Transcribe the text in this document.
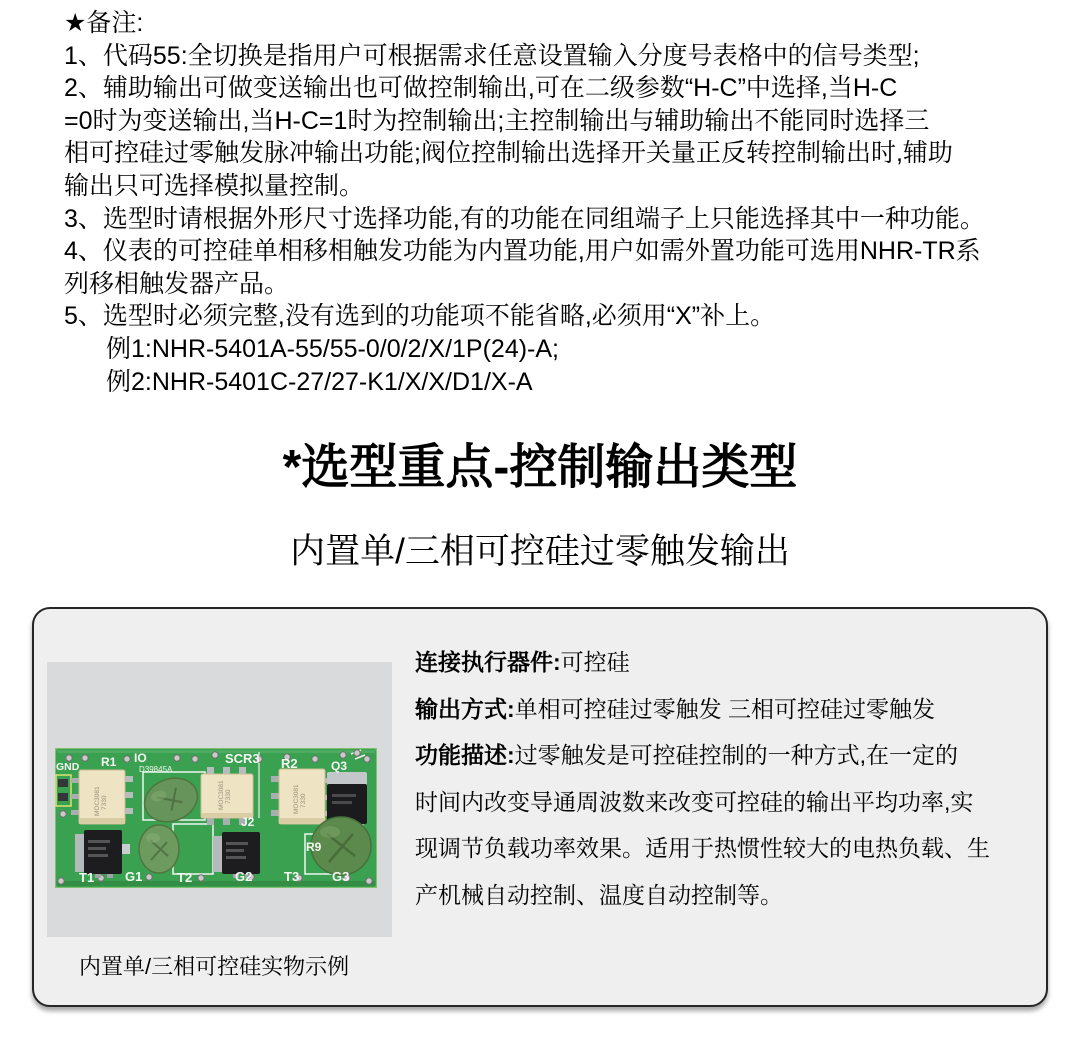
★备注:
1、代码55:全切换是指用户可根据需求任意设置输入分度号表格中的信号类型;
2、辅助输出可做变送输出也可做控制输出,可在二级参数“H-C”中选择,当H-C
=0时为变送输出,当H-C=1时为控制输出;主控制输出与辅助输出不能同时选择三
相可控硅过零触发脉冲输出功能;阀位控制输出选择开关量正反转控制输出时,辅助
输出只可选择模拟量控制。
3、选型时请根据外形尺寸选择功能,有的功能在同组端子上只能选择其中一种功能。
4、仪表的可控硅单相移相触发功能为内置功能,用户如需外置功能可选用NHR-TR系
列移相触发器产品。
5、选型时必须完整,没有选到的功能项不能省略,必须用“X”补上。
例1:NHR-5401A-55/55-0/0/2/X/1P(24)-A;
例2:NHR-5401C-27/27-K1/X/X/D1/X-A
*选型重点-控制输出类型
内置单/三相可控硅过零触发输出
MOC3081 7330	MOC3081 7330	MOC3081 7330
GND R1 IO
D39845A
SCR3 R2	Q3
T1 G1	T2	G2 T3	G3
J2
R9
内置单/三相可控硅实物示例
连接执行器件:可控硅
输出方式:单相可控硅过零触发 三相可控硅过零触发
功能描述:过零触发是可控硅控制的一种方式,在一定的
时间内改变导通周波数来改变可控硅的输出平均功率,实
现调节负载功率效果。适用于热惯性较大的电热负载、生
产机械自动控制、温度自动控制等。
